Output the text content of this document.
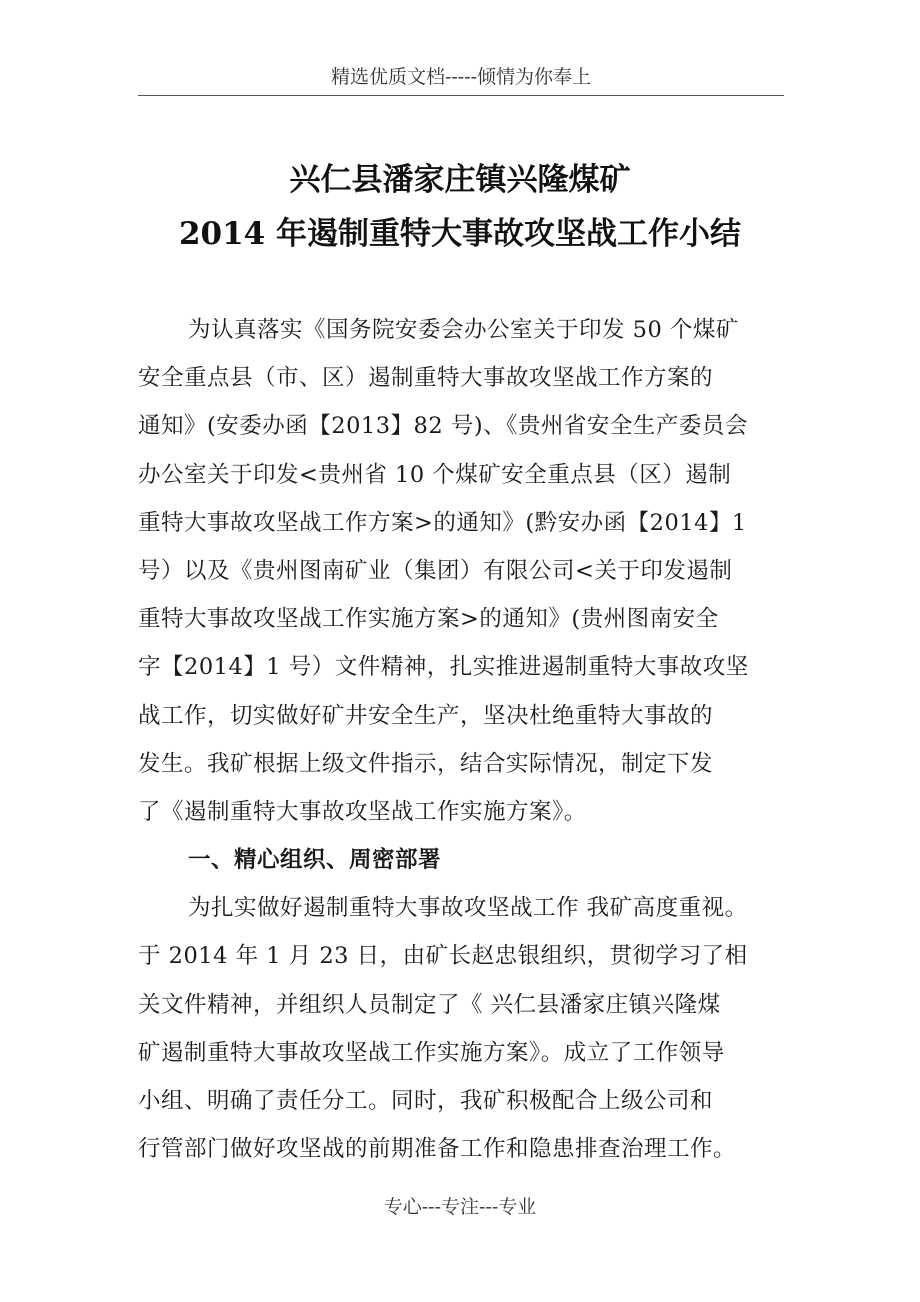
精选优质文档-----倾情为你奉上
兴仁县潘家庄镇兴隆煤矿
2014 年遏制重特大事故攻坚战工作小结
为认真落实《国务院安委会办公室关于印发 50 个煤矿
安全重点县（市、区）遏制重特大事故攻坚战工作方案的
通知》(安委办函【2013】82 号)、《贵州省安全生产委员会
办公室关于印发<贵州省 10 个煤矿安全重点县（区）遏制
重特大事故攻坚战工作方案>的通知》(黔安办函【2014】1
号）以及《贵州图南矿业（集团）有限公司<关于印发遏制
重特大事故攻坚战工作实施方案>的通知》(贵州图南安全
字【2014】1 号）文件精神，扎实推进遏制重特大事故攻坚
战工作，切实做好矿井安全生产，坚决杜绝重特大事故的
发生。我矿根据上级文件指示，结合实际情况，制定下发
了《遏制重特大事故攻坚战工作实施方案》。
一、精心组织、周密部署
为扎实做好遏制重特大事故攻坚战工作 我矿高度重视。
于 2014 年 1 月 23 日，由矿长赵忠银组织，贯彻学习了相
关文件精神，并组织人员制定了《 兴仁县潘家庄镇兴隆煤
矿遏制重特大事故攻坚战工作实施方案》。成立了工作领导
小组、明确了责任分工。同时，我矿积极配合上级公司和
行管部门做好攻坚战的前期准备工作和隐患排查治理工作。
专心---专注---专业
